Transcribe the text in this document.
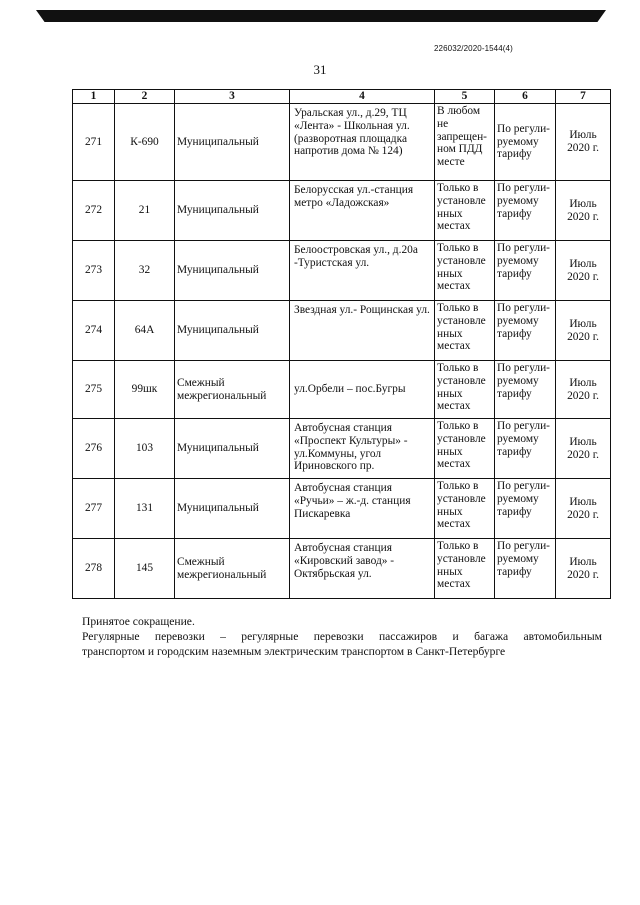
226032/2020-1544(4)
31
1	2	3	4	5	6	7
271	К-690	Муниципальный	Уральская ул., д.29, ТЦ «Лента» - Школьная ул. (разворотная площадка напротив дома № 124)	В любом не запрещен-ном ПДД месте	По регули-руемому тарифу	Июль 2020 г.
272	21	Муниципальный	Белорусская ул.-станция метро «Ладожская»	Только в установле нных местах	По регули-руемому тарифу	Июль 2020 г.
273	32	Муниципальный	Белоостровская ул., д.20а -Туристская ул.	Только в установле нных местах	По регули-руемому тарифу	Июль 2020 г.
274	64А	Муниципальный	Звездная ул.- Рощинская ул.	Только в установле нных местах	По регули-руемому тарифу	Июль 2020 г.
275	99шк	Смежный межрегиональный	ул.Орбели – пос.Бугры	Только в установле нных местах	По регули-руемому тарифу	Июль 2020 г.
276	103	Муниципальный	Автобусная станция «Проспект Культуры» - ул.Коммуны, угол Ириновского пр.	Только в установле нных местах	По регули-руемому тарифу	Июль 2020 г.
277	131	Муниципальный	Автобусная станция «Ручьи» – ж.-д. станция Пискаревка	Только в установле нных местах	По регули-руемому тарифу	Июль 2020 г.
278	145	Смежный межрегиональный	Автобусная станция «Кировский завод» - Октябрьская ул.	Только в установле нных местах	По регули-руемому тарифу	Июль 2020 г.

Принятое сокращение.

Регулярные перевозки – регулярные перевозки пассажиров и багажа автомобильным

транспортом и городским наземным электрическим транспортом в Санкт-Петербурге
